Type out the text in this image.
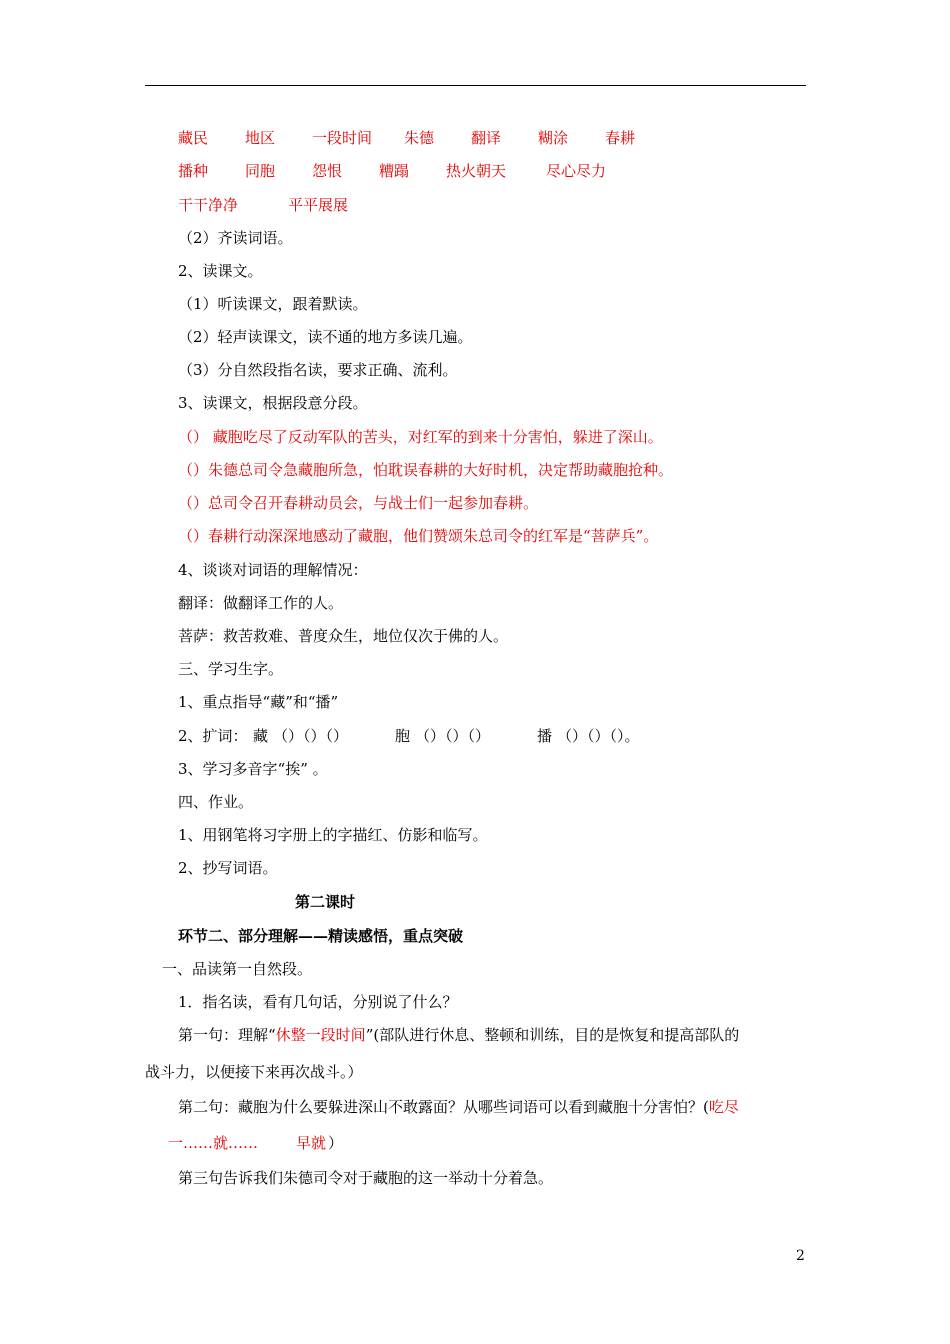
藏民 地区 一段时间 朱德 翻译 糊涂 春耕
播种 同胞 怨恨 糟蹋 热火朝天	尽心尽力
干干净净	平平展展
（2）齐读词语。
2、读课文。
（1）听读课文，跟着默读。
（2）轻声读课文，读不通的地方多读几遍。
（3）分自然段指名读，要求正确、流利。
3、读课文，根据段意分段。
（） 藏胞吃尽了反动军队的苦头，对红军的到来十分害怕，躲进了深山。
（）朱德总司令急藏胞所急，怕耽误春耕的大好时机，决定帮助藏胞抢种。
（）总司令召开春耕动员会，与战士们一起参加春耕。
（）春耕行动深深地感动了藏胞，他们赞颂朱总司令的红军是“菩萨兵”。
4、谈谈对词语的理解情况：
翻译：做翻译工作的人。
菩萨：救苦救难、普度众生，地位仅次于佛的人。
三、学习生字。
1、重点指导“藏”和“播”
2、扩词： 藏 （）（）（）	胞 （）（）（）	播 （）（）（）。
3、学习多音字“挨” 。
四、作业。
1、用钢笔将习字册上的字描红、仿影和临写。
2、抄写词语。
第二课时
环节二、部分理解——精读感悟，重点突破
一、品读第一自然段。
1．指名读，看有几句话，分别说了什么？
第一句：理解“休整一段时间”(部队进行休息、整顿和训练，目的是恢复和提高部队的
战斗力，以便接下来再次战斗。）
第二句：藏胞为什么要躲进深山不敢露面？从哪些词语可以看到藏胞十分害怕？(吃尽
一……就……	早就 ）
第三句告诉我们朱德司令对于藏胞的这一举动十分着急。
2
